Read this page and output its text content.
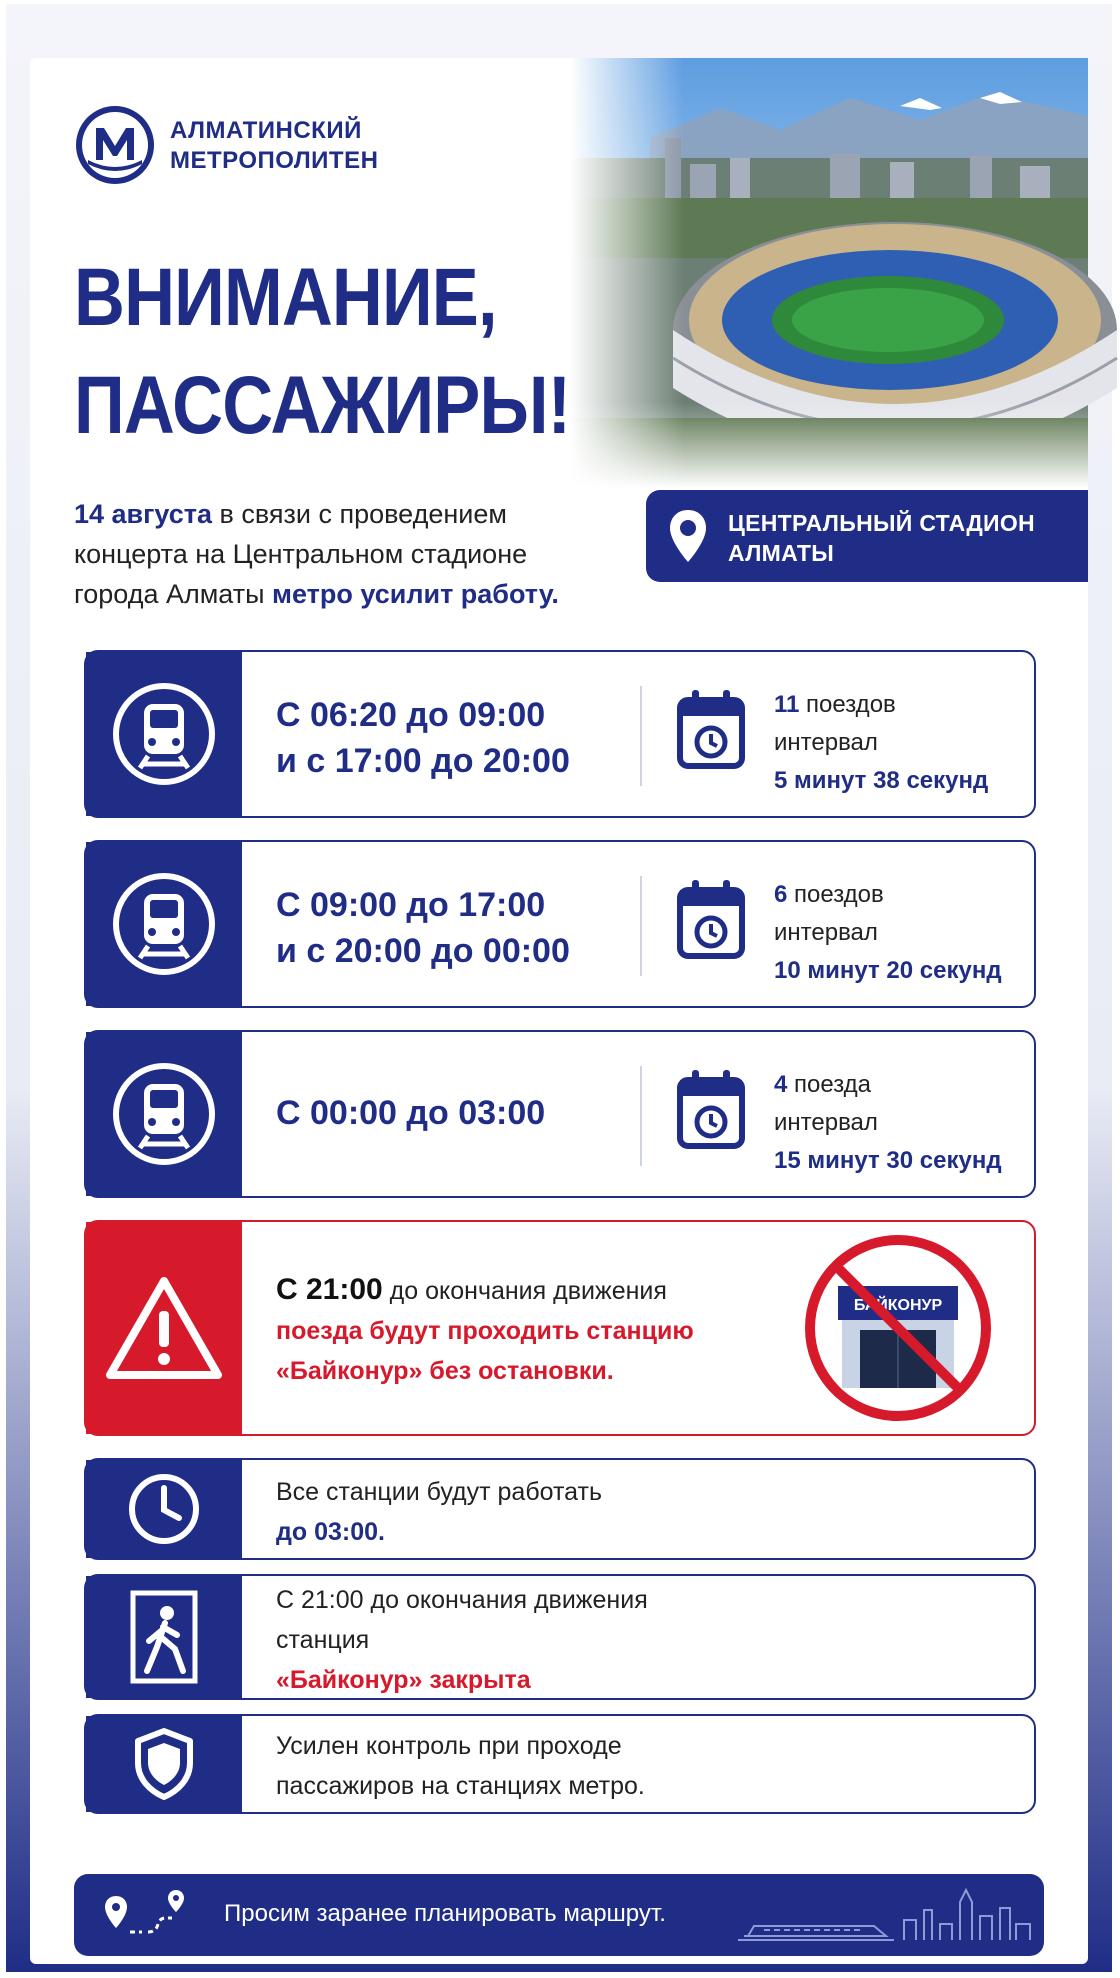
АЛМАТИНСКИЙ
МЕТРОПОЛИТЕН
ВНИМАНИЕ,
ПАССАЖИРЫ!
14 августа в связи с проведением
концерта на Центральном стадионе
города Алматы метро усилит работу.
ЦЕНТРАЛЬНЫЙ СТАДИОН
АЛМАТЫ
С 06:20 до 09:00
и с 17:00 до 20:00
11 поездов
интервал
5 минут 38 секунд
С 09:00 до 17:00
и с 20:00 до 00:00
6 поездов
интервал
10 минут 20 секунд
С 00:00 до 03:00
4 поезда
интервал
15 минут 30 секунд
С 21:00 до окончания движения
поезда будут проходить станцию
«Байконур» без остановки.
БАЙКОНУР
Все станции будут работать
до 03:00.
С 21:00 до окончания движения
станция
«Байконур» закрыта
Усилен контроль при проходе
пассажиров на станциях метро.
Просим заранее планировать маршрут.
